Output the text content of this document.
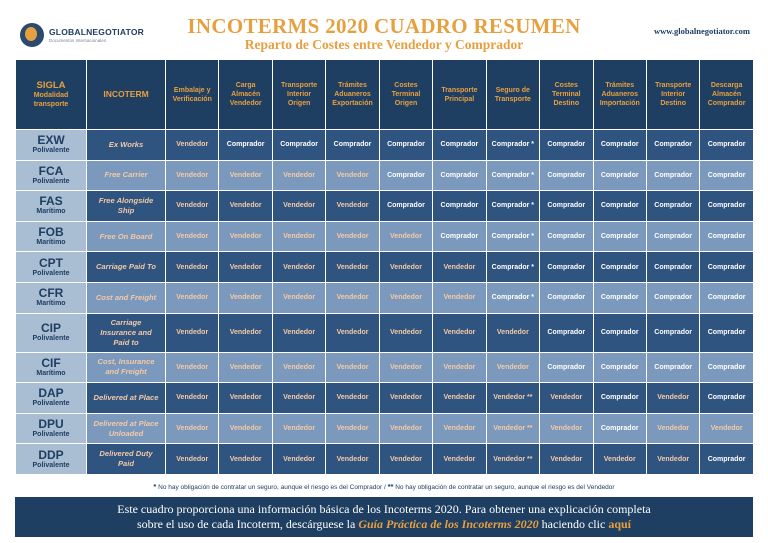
GLOBALNEGOTIATOR
Documentos Internacionales
INCOTERMS 2020 CUADRO RESUMEN
Reparto de Costes entre Vendedor y Comprador
www.globalnegotiator.com
SIGLA
Modalidad transporte	INCOTERM	Embalaje y Verificación	Carga Almacén Vendedor	Transporte Interior Origen	Trámites Aduaneros Exportación	Costes Terminal Origen	Transporte Principal	Seguro de Transporte	Costes Terminal Destino	Trámites Aduaneros Importación	Transporte Interior Destino	Descarga Almacén Comprador

EXW
Polivalente	Ex Works	Vendedor	Comprador	Comprador	Comprador	Comprador	Comprador	Comprador *	Comprador	Comprador	Comprador	Comprador

FCA
Polivalente	Free Carrier	Vendedor	Vendedor	Vendedor	Vendedor	Comprador	Comprador	Comprador *	Comprador	Comprador	Comprador	Comprador

FAS
Marítimo	Free Alongside Ship	Vendedor	Vendedor	Vendedor	Vendedor	Comprador	Comprador	Comprador *	Comprador	Comprador	Comprador	Comprador

FOB
Marítimo	Free On Board	Vendedor	Vendedor	Vendedor	Vendedor	Vendedor	Comprador	Comprador *	Comprador	Comprador	Comprador	Comprador

CPT
Polivalente	Carriage Paid To	Vendedor	Vendedor	Vendedor	Vendedor	Vendedor	Vendedor	Comprador *	Comprador	Comprador	Comprador	Comprador

CFR
Marítimo	Cost and Freight	Vendedor	Vendedor	Vendedor	Vendedor	Vendedor	Vendedor	Comprador *	Comprador	Comprador	Comprador	Comprador

CIP
Polivalente	Carriage Insurance and Paid to	Vendedor	Vendedor	Vendedor	Vendedor	Vendedor	Vendedor	Vendedor	Comprador	Comprador	Comprador	Comprador

CIF
Marítimo	Cost, Insurance and Freight	Vendedor	Vendedor	Vendedor	Vendedor	Vendedor	Vendedor	Vendedor	Comprador	Comprador	Comprador	Comprador

DAP
Polivalente	Delivered at Place	Vendedor	Vendedor	Vendedor	Vendedor	Vendedor	Vendedor	Vendedor **	Vendedor	Comprador	Vendedor	Comprador

DPU
Polivalente	Delivered at Place Unloaded	Vendedor	Vendedor	Vendedor	Vendedor	Vendedor	Vendedor	Vendedor **	Vendedor	Comprador	Vendedor	Vendedor

DDP
Polivalente	Delivered Duty Paid	Vendedor	Vendedor	Vendedor	Vendedor	Vendedor	Vendedor	Vendedor **	Vendedor	Vendedor	Vendedor	Comprador
* No hay obligación de contratar un seguro, aunque el riesgo es del Comprador / ** No hay obligación de contratar un seguro, aunque el riesgo es del Vendedor
Este cuadro proporciona una información básica de los Incoterms 2020. Para obtener una explicación completa
sobre el uso de cada Incoterm, descárguese la Guía Práctica de los Incoterms 2020 haciendo clic aquí
